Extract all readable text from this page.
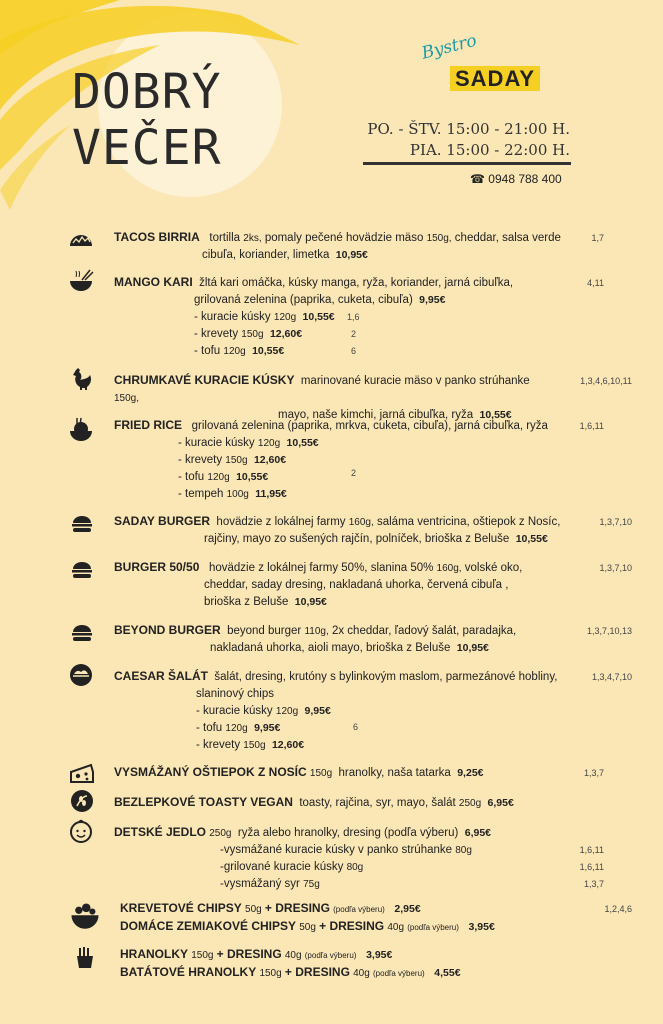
DOBRÝ
VEČER
Bystro
SADAY
PO. - ŠTV. 15:00 - 21:00 H.
PIA. 15:00 - 22:00 H.
☎ 0948 788 400
TACOS BIRRIA tortilla 2ks, pomaly pečené hovädzie mäso 150g, cheddar, salsa verde
cibuľa, koriander, limetka 10,95€
1,7
MANGO KARI žltá kari omáčka, kúsky manga, ryža, koriander, jarná cibuľka,
grilovaná zelenina (paprika, cuketa, cibuľa) 9,95€
- kuracie kúsky 120g 10,55€
- krevety 150g 12,60€
- tofu 120g 10,55€
4,11
1,6
2
6
CHRUMKAVÉ KURACIE KÚSKY marinované kuracie mäso v panko strúhanke 150g,
mayo, naše kimchi, jarná cibuľka, ryža 10,55€
1,3,4,6,10,11
FRIED RICE grilovaná zelenina (paprika, mrkva, cuketa, cibuľa), jarná cibuľka, ryža
- kuracie kúsky 120g 10,55€
- krevety 150g 12,60€
- tofu 120g 10,55€
- tempeh 100g 11,95€
1,6,11
2
SADAY BURGER hovädzie z lokálnej farmy 160g, saláma ventricina, oštiepok z Nosíc,
rajčiny, mayo zo sušených rajčín, polníček, brioška z Beluše 10,55€
1,3,7,10
BURGER 50/50 hovädzie z lokálnej farmy 50%, slanina 50% 160g, volské oko,
cheddar, saday dresing, nakladaná uhorka, červená cibuľa ,
brioška z Beluše 10,95€
1,3,7,10
BEYOND BURGER beyond burger 110g, 2x cheddar, ľadový šalát, paradajka,
nakladaná uhorka, aioli mayo, brioška z Beluše 10,95€
1,3,7,10,13
CAESAR ŠALÁT šalát, dresing, krutóny s bylinkovým maslom, parmezánové hobliny,
slaninový chips
- kuracie kúsky 120g 9,95€
- tofu 120g 9,95€
- krevety 150g 12,60€
1,3,4,7,10
6
VYSMÁŽANÝ OŠTIEPOK Z NOSÍC 150g hranolky, naša tatarka 9,25€	1,3,7
BEZLEPKOVÉ TOASTY VEGAN toasty, rajčina, syr, mayo, šalát 250g 6,95€
DETSKÉ JEDLO 250g ryža alebo hranolky, dresing (podľa výberu) 6,95€
-vysmážané kuracie kúsky v panko strúhanke 80g
-grilované kuracie kúsky 80g
-vysmážaný syr 75g
1,6,11
1,6,11
1,3,7
KREVETOVÉ CHIPSY 50g + DRESING (podľa výberu) 2,95€
DOMÁCE ZEMIAKOVÉ CHIPSY 50g + DRESING 40g (podľa výberu) 3,95€
1,2,4,6
HRANOLKY 150g + DRESING 40g (podľa výberu) 3,95€
BATÁTOVÉ HRANOLKY 150g + DRESING 40g (podľa výberu) 4,55€
